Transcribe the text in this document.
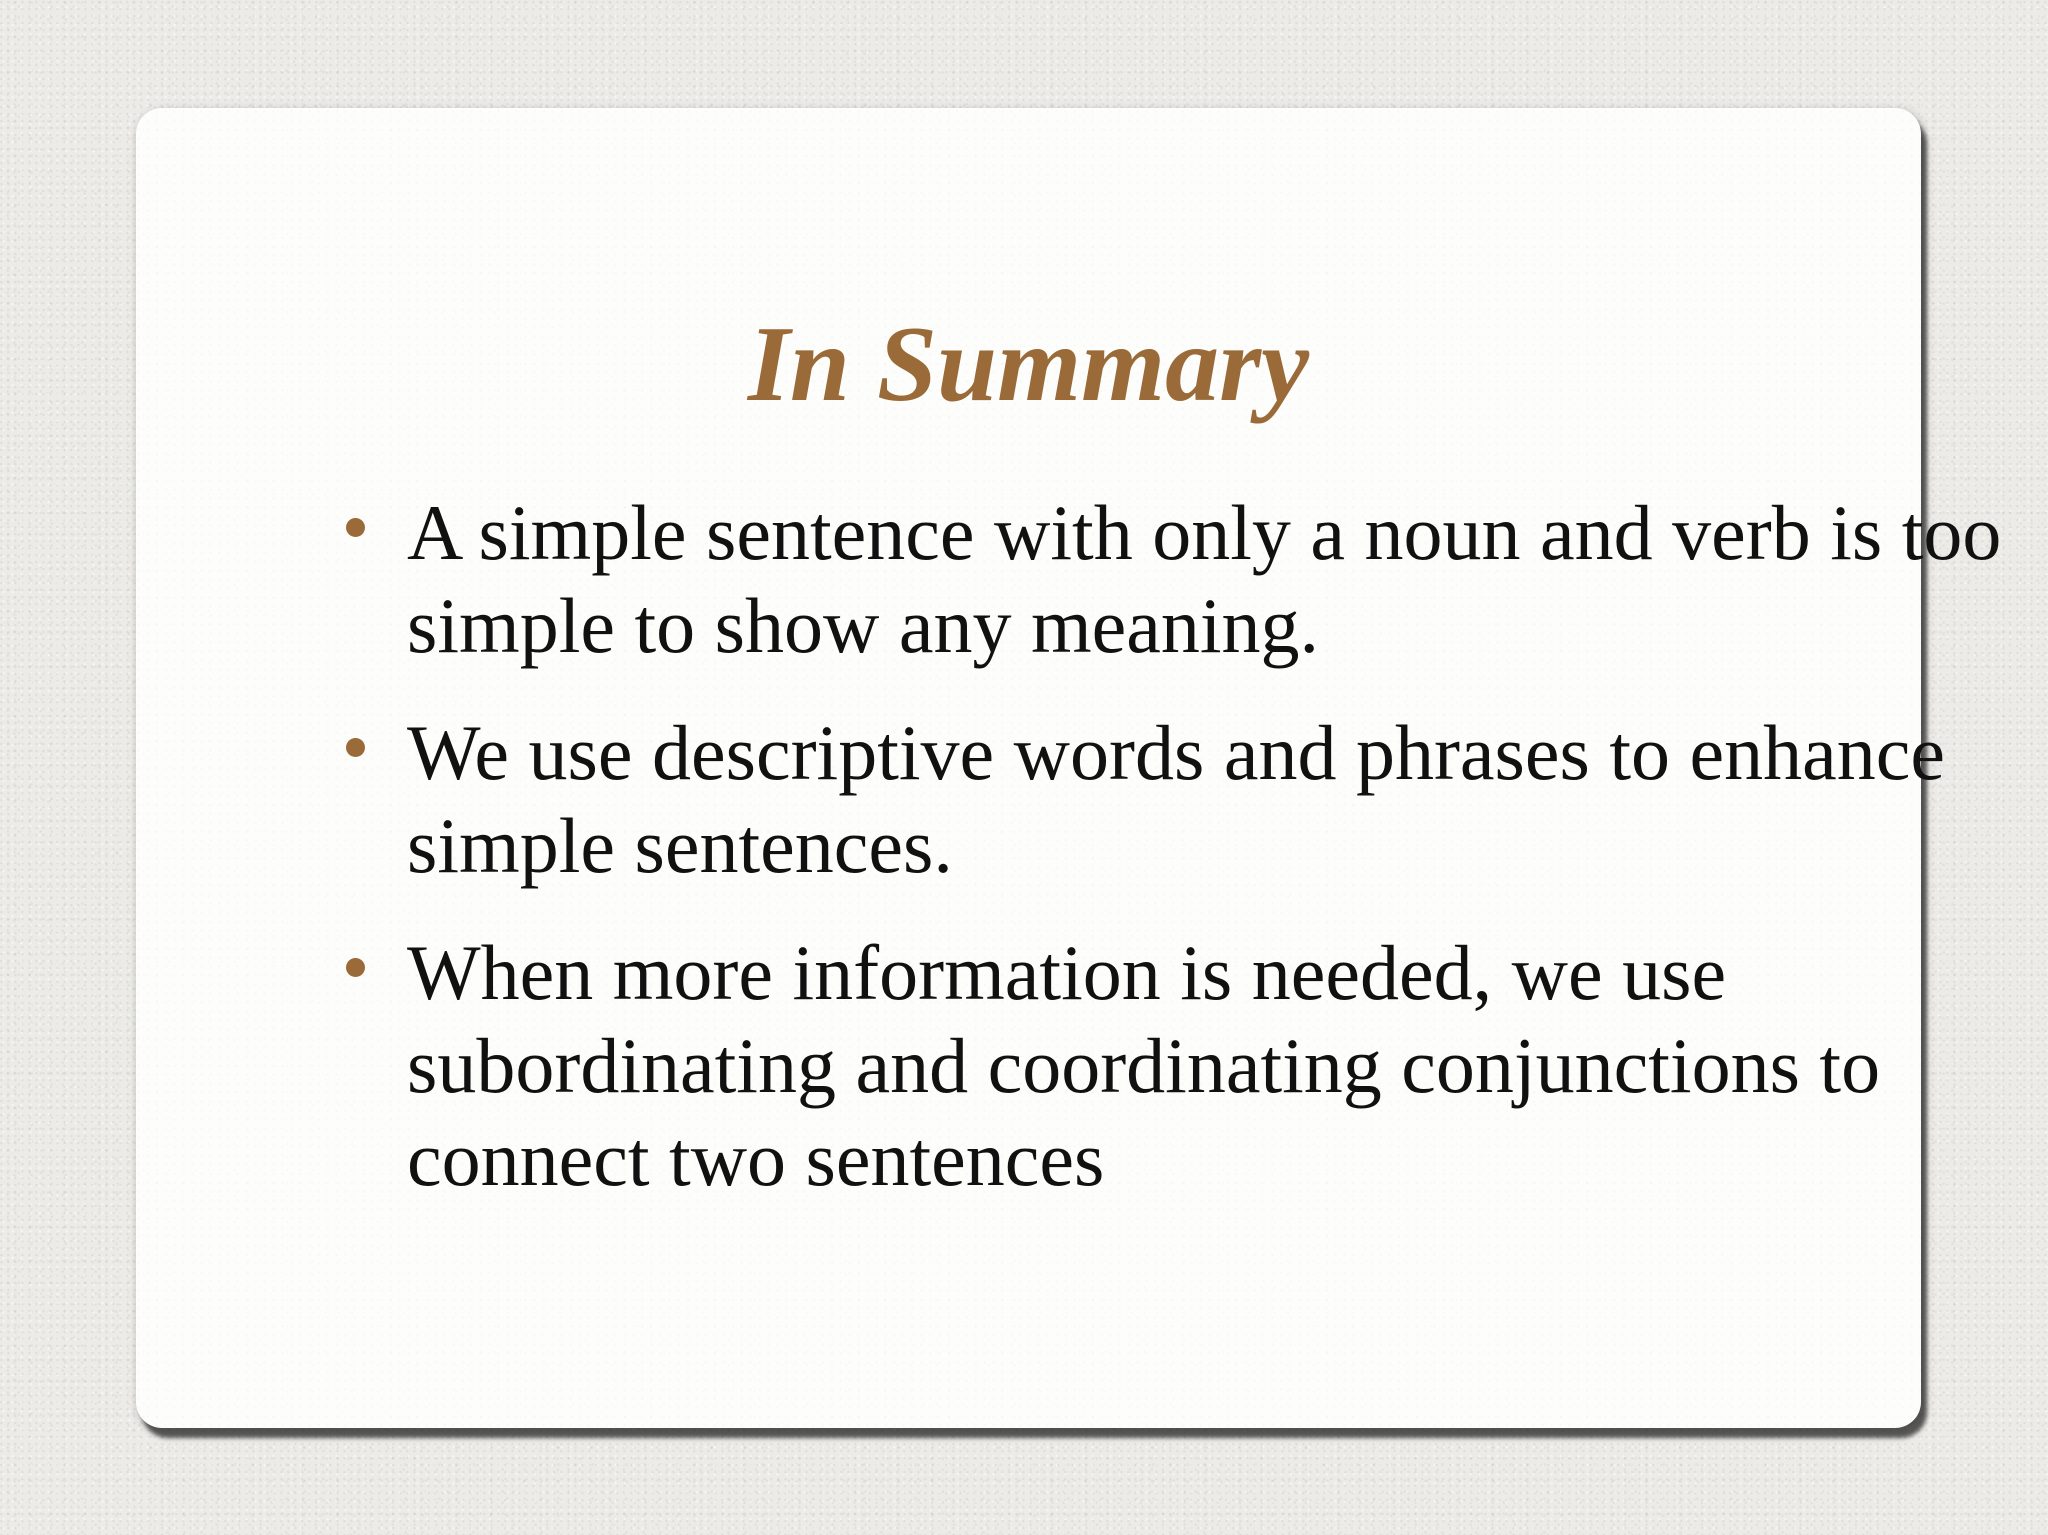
In Summary
A simple sentence with only a noun and verb is too simple to show any meaning.
We use descriptive words and phrases to enhance simple sentences.
When more information is needed, we use subordinating and coordinating conjunctions to connect two sentences
